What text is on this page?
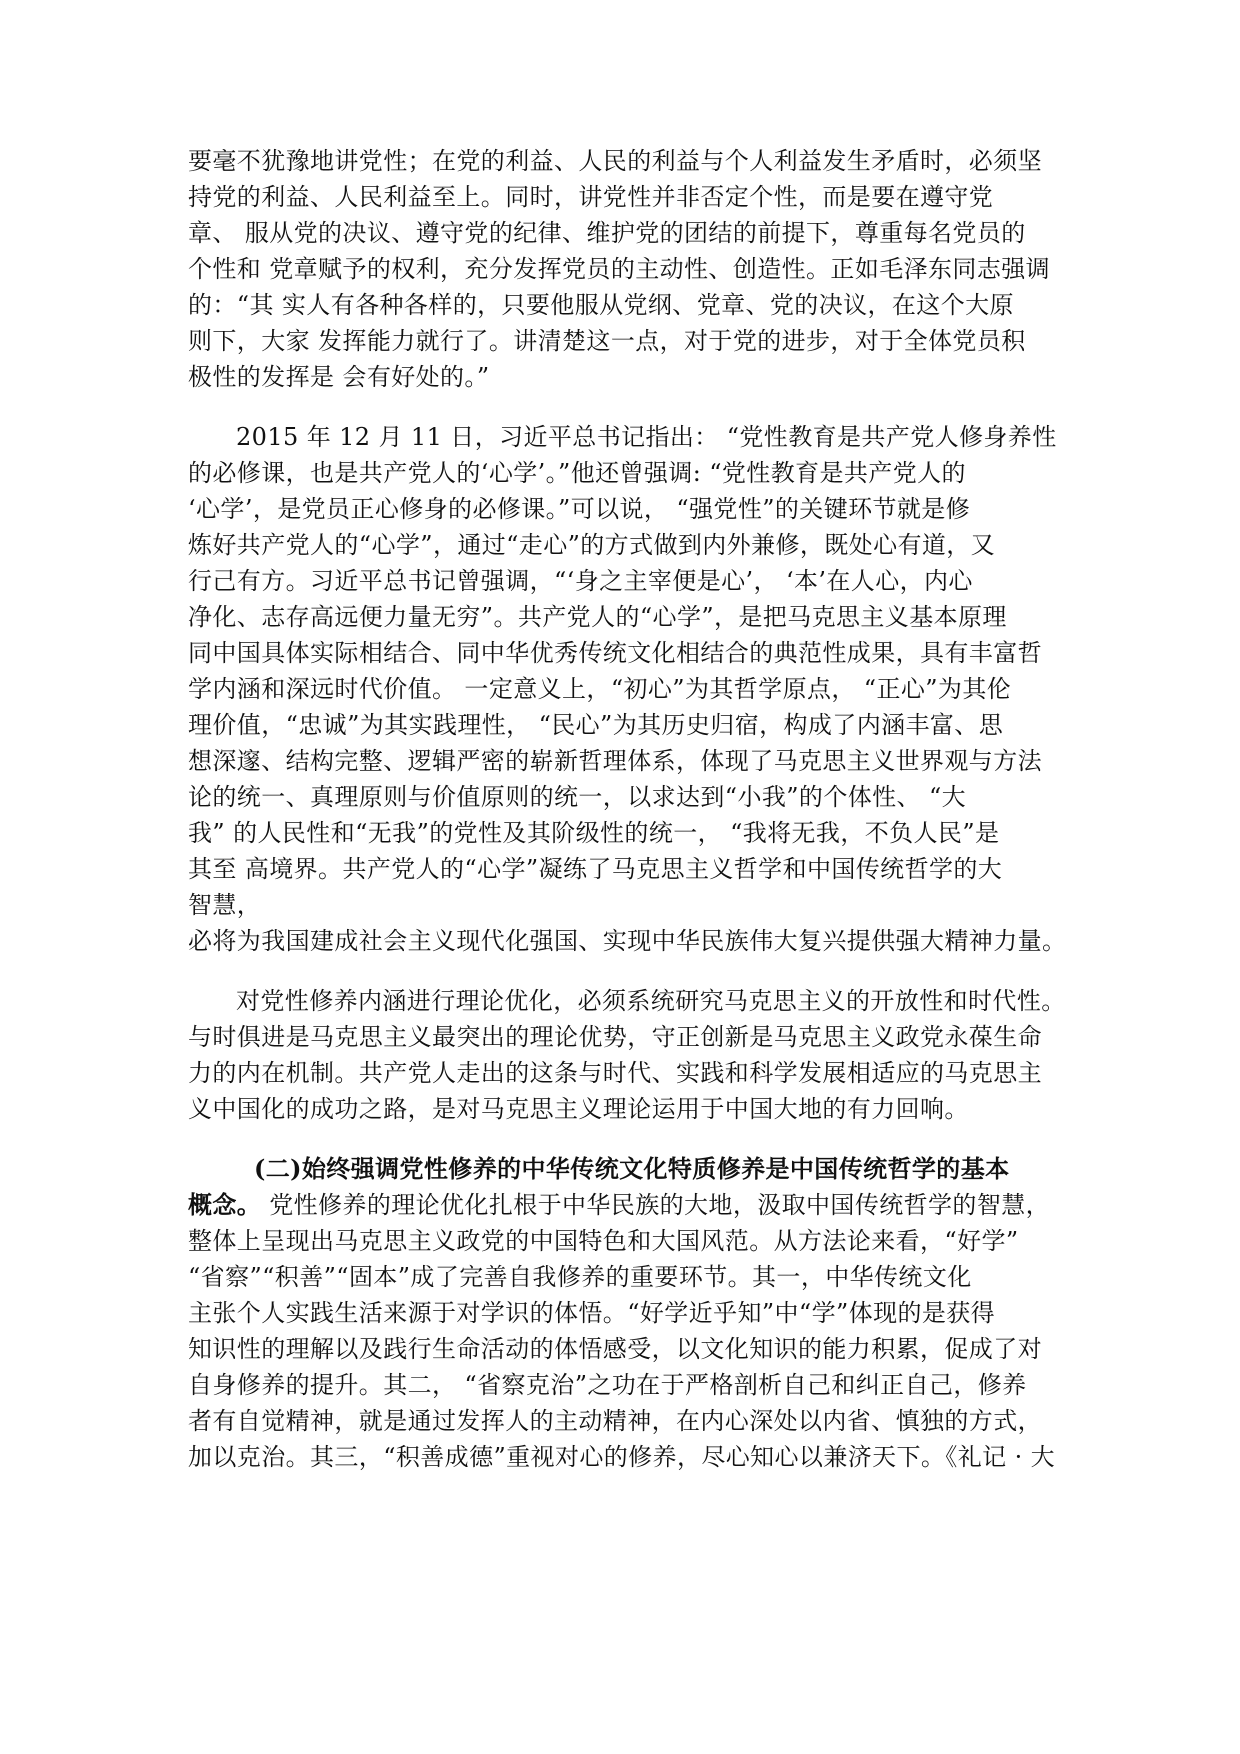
要毫不犹豫地讲党性；在党的利益、人民的利益与个人利益发生矛盾时，必须坚
持党的利益、人民利益至上。同时，讲党性并非否定个性，而是要在遵守党
章、 服从党的决议、遵守党的纪律、维护党的团结的前提下，尊重每名党员的
个性和 党章赋予的权利，充分发挥党员的主动性、创造性。正如毛泽东同志强调
的：“其 实人有各种各样的，只要他服从党纲、党章、党的决议，在这个大原
则下，大家 发挥能力就行了。讲清楚这一点，对于党的进步，对于全体党员积
极性的发挥是 会有好处的。”
2015 年 12 月 11 日，习近平总书记指出： “党性教育是共产党人修身养性
的必修课，也是共产党人的‘心学’。”他还曾强调: “党性教育是共产党人的
‘心学’，是党员正心修身的必修课。”可以说， “强党性”的关键环节就是修
炼好共产党人的“心学”，通过“走心”的方式做到内外兼修，既处心有道，又
行己有方。习近平总书记曾强调，“‘身之主宰便是心’， ‘本’在人心，内心
净化、志存高远便力量无穷”。共产党人的“心学”，是把马克思主义基本原理
同中国具体实际相结合、同中华优秀传统文化相结合的典范性成果，具有丰富哲
学内涵和深远时代价值。 一定意义上，“初心”为其哲学原点， “正心”为其伦
理价值，“忠诚”为其实践理性， “民心”为其历史归宿，构成了内涵丰富、思
想深邃、结构完整、逻辑严密的崭新哲理体系，体现了马克思主义世界观与方法
论的统一、真理原则与价值原则的统一，以求达到“小我”的个体性、 “大
我” 的人民性和“无我”的党性及其阶级性的统一， “我将无我，不负人民”是
其至 高境界。共产党人的“心学”凝练了马克思主义哲学和中国传统哲学的大
智慧，
必将为我国建成社会主义现代化强国、实现中华民族伟大复兴提供强大精神力量。
对党性修养内涵进行理论优化，必须系统研究马克思主义的开放性和时代性。
与时俱进是马克思主义最突出的理论优势，守正创新是马克思主义政党永葆生命
力的内在机制。共产党人走出的这条与时代、实践和科学发展相适应的马克思主
义中国化的成功之路，是对马克思主义理论运用于中国大地的有力回响。
(二)始终强调党性修养的中华传统文化特质修养是中国传统哲学的基本
概念。 党性修养的理论优化扎根于中华民族的大地，汲取中国传统哲学的智慧，
整体上呈现出马克思主义政党的中国特色和大国风范。从方法论来看，“好学”
“省察”“积善”“固本”成了完善自我修养的重要环节。其一，中华传统文化
主张个人实践生活来源于对学识的体悟。“好学近乎知”中“学”体现的是获得
知识性的理解以及践行生命活动的体悟感受，以文化知识的能力积累，促成了对
自身修养的提升。其二， “省察克治”之功在于严格剖析自己和纠正自己，修养
者有自觉精神，就是通过发挥人的主动精神，在内心深处以内省、慎独的方式，
加以克治。其三，“积善成德”重视对心的修养，尽心知心以兼济天下。《礼记 · 大
